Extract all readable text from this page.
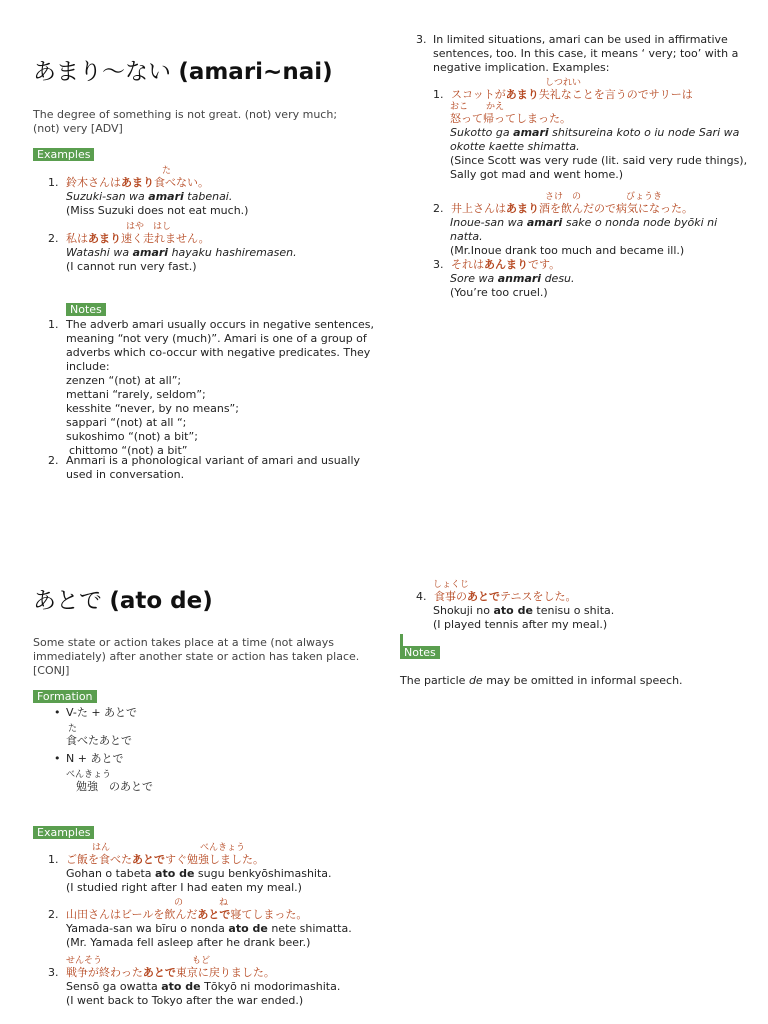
あまり〜ない (amari~nai)
The degree of something is not great. (not) very much; (not) very [ADV]
Examples
た
1. 鈴木さんはあまり食べない。
Suzuki-san wa amari tabenai.
(Miss Suzuki does not eat much.)
はや　はし
2. 私はあまり速く走れません。
Watashi wa amari hayaku hashiremasen.
(I cannot run very fast.)
Notes
1. The adverb amari usually occurs in negative sentences,
meaning “not very (much)”. Amari is one of a group of
adverbs which co-occur with negative predicates. They
include:
zenzen “(not) at all”;
mettani “rarely, seldom”;
kesshite “never, by no means”;
sappari “(not) at all “;
sukoshimo “(not) a bit”;
chittomo “(not) a bit”
2. Anmari is a phonological variant of amari and usually
used in conversation.
3. In limited situations, amari can be used in affirmative
sentences, too. In this case, it means ‘ very; too’ with a
negative implication. Examples:
しつれい
1. スコットがあまり失礼なことを言うのでサリーは
おこ　　かえ
怒って帰ってしまった。
Sukotto ga amari shitsureina koto o iu node Sari wa
okotte kaette shimatta.
(Since Scott was very rude (lit. said very rude things),
Sally got mad and went home.)
さけ　の　　　　　びょうき
2. 井上さんはあまり酒を飲んだので病気になった。
Inoue-san wa amari sake o nonda node byōki ni
natta.
(Mr.Inoue drank too much and became ill.)
3. それはあんまりです。
Sore wa anmari desu.
(You’re too cruel.)
あとで (ato de)
Some state or action takes place at a time (not always
immediately) after another state or action has taken place.
[CONJ]
Formation
• V-た + あとで
た
食べたあとで
• N + あとで
べんきょう
勉強　のあとで
Examples
はん　　　　　　　　　　べんきょう
1. ご飯を食べたあとですぐ勉強しました。
Gohan o tabeta ato de sugu benkyōshimashita.
(I studied right after I had eaten my meal.)
の　　　　ね
2. 山田さんはビールを飲んだあとで寝てしまった。
Yamada-san wa bīru o nonda ato de nete shimatta.
(Mr. Yamada fell asleep after he drank beer.)
せんそう　　　　　　　　　　もど
3. 戦争が終わったあとで東京に戻りました。
Sensō ga owatta ato de Tōkyō ni modorimashita.
(I went back to Tokyo after the war ended.)
しょくじ
4. 食事のあとでテニスをした。
Shokuji no ato de tenisu o shita.
(I played tennis after my meal.)
Notes
The particle de may be omitted in informal speech.
